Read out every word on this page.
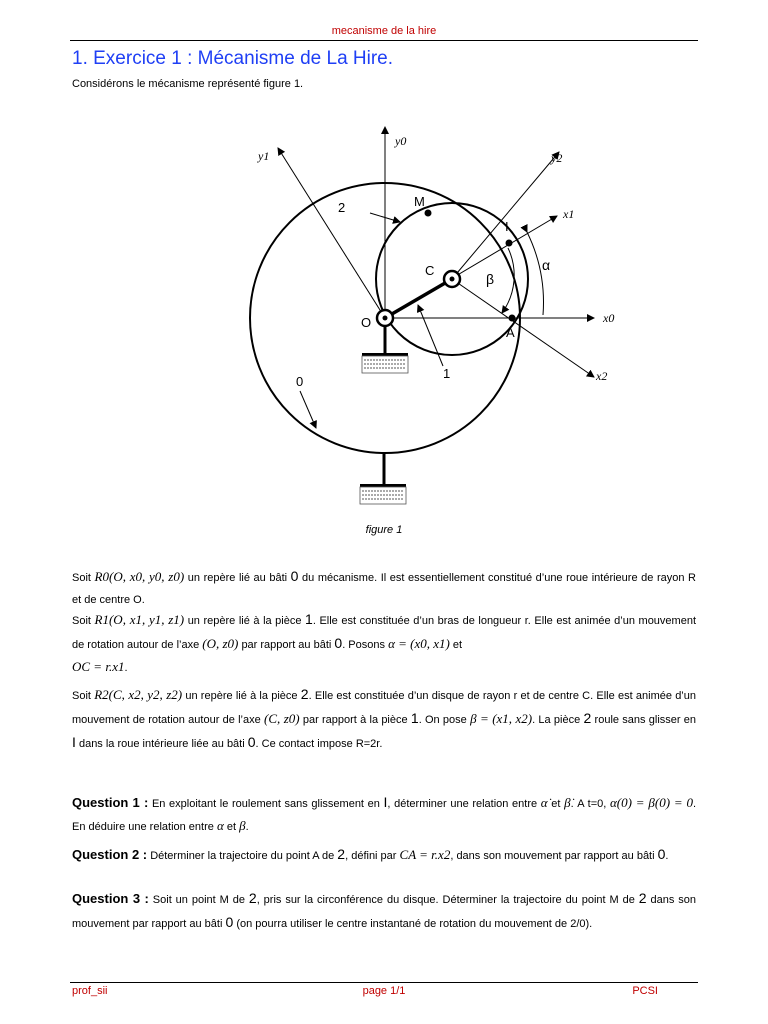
mecanisme de la hire
1. Exercice 1 : Mécanisme de La Hire.
Considérons le mécanisme représenté figure 1.
y0
y1	y2
x1
x0
x2
M
I
C
O
A
α
β
2
1
0
figure 1
Soit R0(O, x0, y0, z0) un repère lié au bâti 0 du mécanisme. Il est essentiellement constitué d’une roue intérieure de rayon R et de centre O.
Soit R1(O, x1, y1, z1) un repère lié à la pièce 1. Elle est constituée d’un bras de longueur r. Elle est animée d’un mouvement de rotation autour de l’axe (O, z0) par rapport au bâti 0. Posons α = (x0, x1) et
OC = r.x1.
Soit R2(C, x2, y2, z2) un repère lié à la pièce 2. Elle est constituée d’un disque de rayon r et de centre C. Elle est animée d’un mouvement de rotation autour de l’axe (C, z0) par rapport à la pièce 1. On pose β = (x1, x2). La pièce 2 roule sans glisser en I dans la roue intérieure liée au bâti 0. Ce contact impose R=2r.
Question 1 : En exploitant le roulement sans glissement en I, déterminer une relation entre α̇ et β̇. A t=0, α(0) = β(0) = 0. En déduire une relation entre α et β.
Question 2 : Déterminer la trajectoire du point A de 2, défini par CA = r.x2, dans son mouvement par rapport au bâti 0.
Question 3 : Soit un point M de 2, pris sur la circonférence du disque. Déterminer la trajectoire du point M de 2 dans son mouvement par rapport au bâti 0 (on pourra utiliser le centre instantané de rotation du mouvement de 2/0).
prof_sii	page 1/1	PCSI
